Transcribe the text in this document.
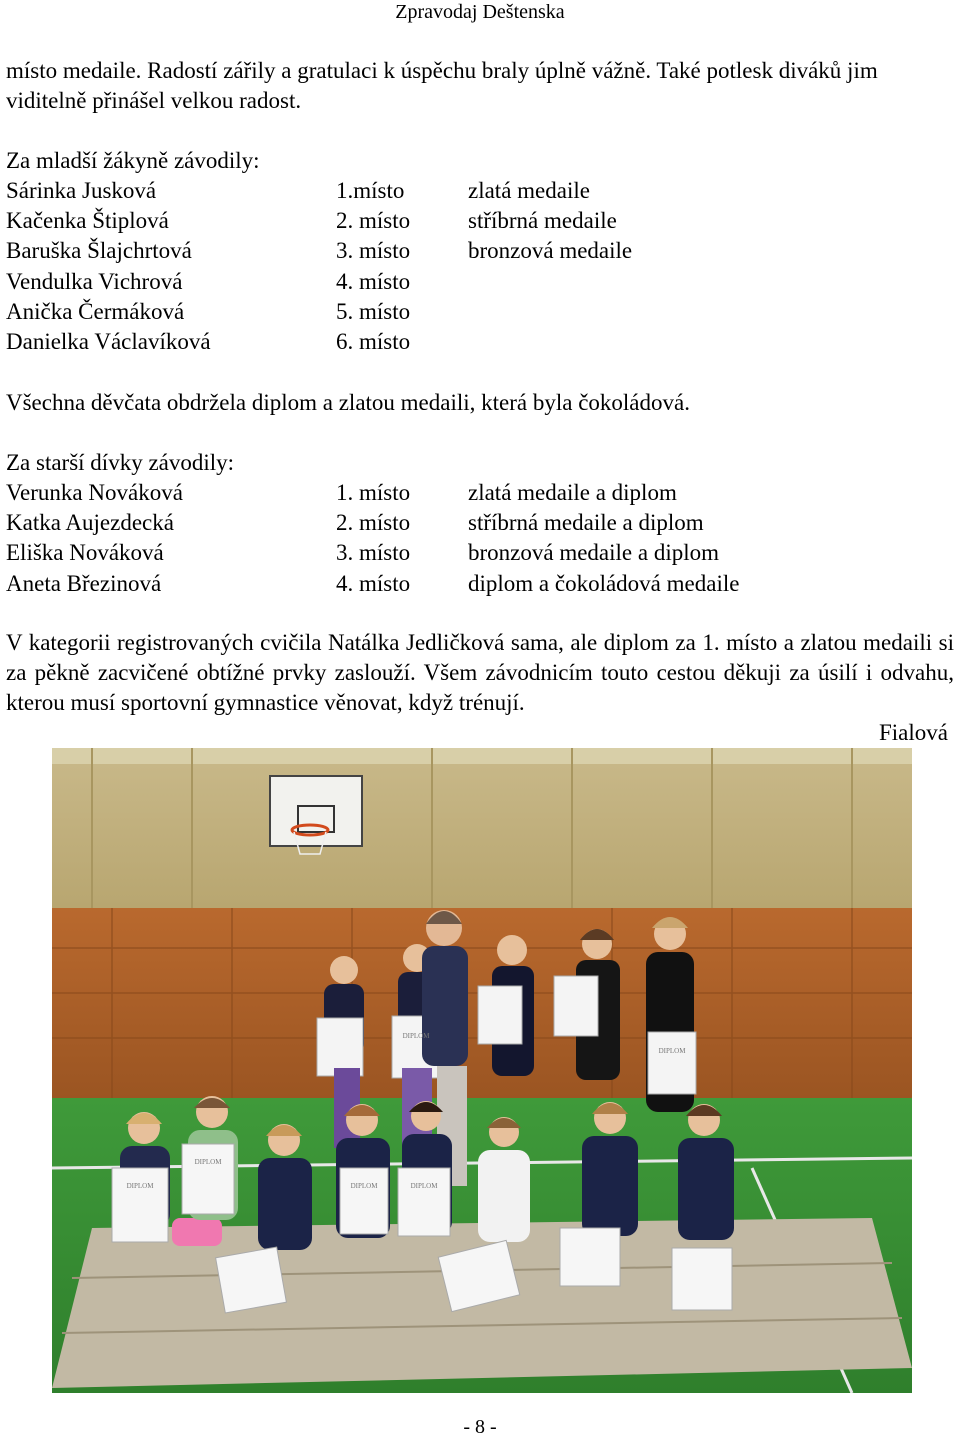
Zpravodaj Deštenska
místo medaile. Radostí zářily a gratulaci k úspěchu braly úplně vážně. Také potlesk diváků jim viditelně přinášel velkou radost.
Za mladší žákyně závodily:
Sárinka Jusková	1.místo	zlatá medaile
Kačenka Štiplová	2. místo	stříbrná medaile
Baruška Šlajchrtová	3. místo	bronzová medaile
Vendulka Vichrová	4. místo
Anička Čermáková	5. místo
Danielka Václavíková	6. místo
Všechna děvčata obdržela diplom a zlatou medaili, která byla čokoládová.
Za starší dívky závodily:
Verunka Nováková	1. místo	zlatá medaile a diplom
Katka Aujezdecká	2. místo	stříbrná medaile a diplom
Eliška Nováková	3. místo	bronzová medaile a diplom
Aneta Březinová	4. místo	diplom a čokoládová medaile
V kategorii registrovaných cvičila Natálka Jedličková sama, ale diplom za 1. místo a zlatou medaili si za pěkně zacvičené obtížné prvky zaslouží. Všem závodnicím touto cestou děkuji za úsilí i odvahu, kterou musí sportovní gymnastice věnovat, když trénují.
Fialová
DIPLOM
DIPLOM
DIPLOM	DIPLOM
DIPLOM
DIPLOM
- 8 -
